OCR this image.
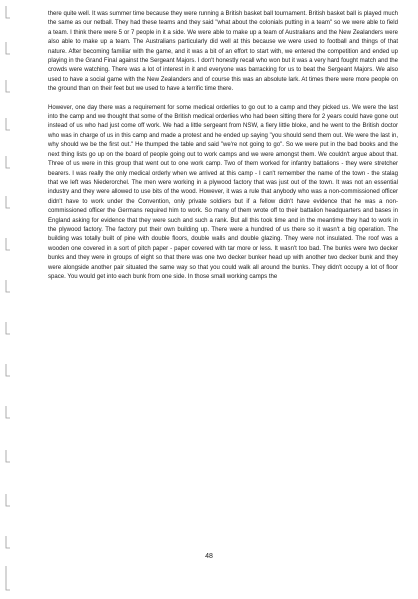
there quite well. It was summer time because they were running a British basket ball tournament. British basket ball is played much the same as our netball. They had these teams and they said "what about the colonials putting in a team" so we were able to field a team. I think there were 5 or 7 people in it a side. We were able to make up a team of Australians and the New Zealanders were also able to make up a team. The Australians particularly did well at this because we were used to football and things of that nature. After becoming familiar with the game, and it was a bit of an effort to start with, we entered the competition and ended up playing in the Grand Final against the Sergeant Majors. I don't honestly recall who won but it was a very hard fought match and the crowds were watching. There was a lot of interest in it and everyone was barracking for us to beat the Sergeant Majors. We also used to have a social game with the New Zealanders and of course this was an absolute lark. At times there were more people on the ground than on their feet but we used to have a terrific time there.

However, one day there was a requirement for some medical orderlies to go out to a camp and they picked us. We were the last into the camp and we thought that some of the British medical orderlies who had been sitting there for 2 years could have gone out instead of us who had just come off work. We had a little sergeant from NSW, a fiery little bloke, and he went to the British doctor who was in charge of us in this camp and made a protest and he ended up saying "you should send them out. We were the last in, why should we be the first out." He thumped the table and said "we're not going to go". So we were put in the bad books and the next thing lists go up on the board of people going out to work camps and we were amongst them. We couldn't argue about that. Three of us were in this group that went out to one work camp. Two of them worked for infantry battalions - they were stretcher bearers. I was really the only medical orderly when we arrived at this camp - I can't remember the name of the town - the stalag that we left was Niederorchel. The men were working in a plywood factory that was just out of the town. It was not an essential industry and they were allowed to use bits of the wood. However, it was a rule that anybody who was a non-commissioned officer didn't have to work under the Convention, only private soldiers but if a fellow didn't have evidence that he was a non-commissioned officer the Germans required him to work. So many of them wrote off to their battalion headquarters and bases in England asking for evidence that they were such and such a rank. But all this took time and in the meantime they had to work in the plywood factory. The factory put their own building up. There were a hundred of us there so it wasn't a big operation. The building was totally built of pine with double floors, double walls and double glazing. They were not insulated. The roof was a wooden one covered in a sort of pitch paper - paper covered with tar more or less. It wasn't too bad. The bunks were two decker bunks and they were in groups of eight so that there was one two decker bunker head up with another two decker bunk and they were alongside another pair situated the same way so that you could walk all around the bunks. They didn't occupy a lot of floor space. You would get into each bunk from one side. In those small working camps the

48
